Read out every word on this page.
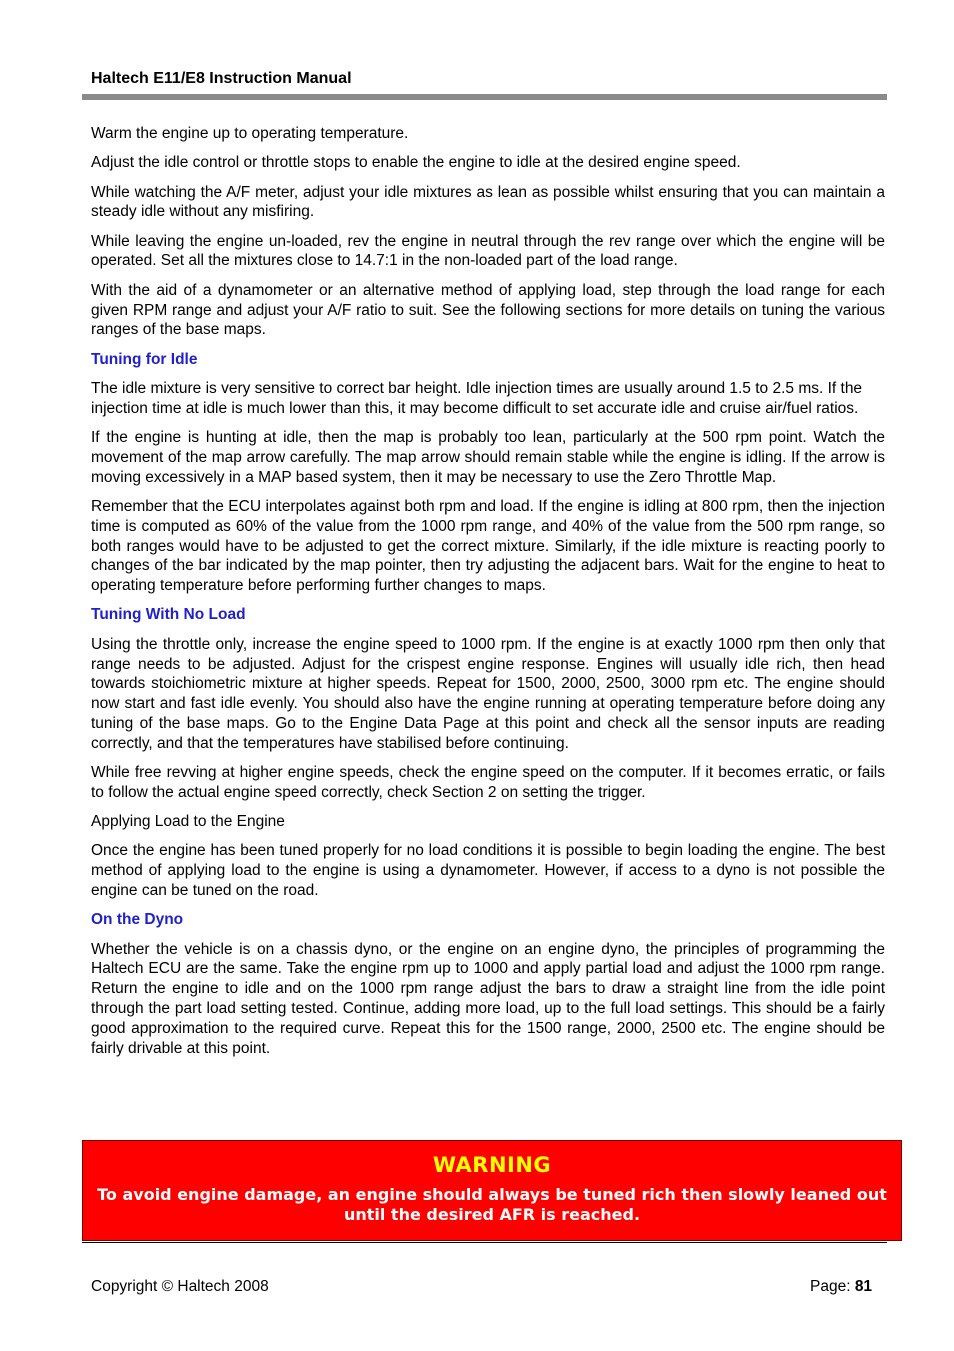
Haltech E11/E8 Instruction Manual

Warm the engine up to operating temperature.

Adjust the idle control or throttle stops to enable the engine to idle at the desired engine speed.

While watching the A/F meter, adjust your idle mixtures as lean as possible whilst ensuring that you can maintain a steady idle without any misfiring.

While leaving the engine un-loaded, rev the engine in neutral through the rev range over which the engine will be operated. Set all the mixtures close to 14.7:1 in the non-loaded part of the load range.

With the aid of a dynamometer or an alternative method of applying load, step through the load range for each given RPM range and adjust your A/F ratio to suit. See the following sections for more details on tuning the various ranges of the base maps.

Tuning for Idle

The idle mixture is very sensitive to correct bar height. Idle injection times are usually around 1.5 to 2.5 ms. If the injection time at idle is much lower than this, it may become difficult to set accurate idle and cruise air/fuel ratios.

If the engine is hunting at idle, then the map is probably too lean, particularly at the 500 rpm point. Watch the movement of the map arrow carefully. The map arrow should remain stable while the engine is idling. If the arrow is moving excessively in a MAP based system, then it may be necessary to use the Zero Throttle Map.

Remember that the ECU interpolates against both rpm and load. If the engine is idling at 800 rpm, then the injection time is computed as 60% of the value from the 1000 rpm range, and 40% of the value from the 500 rpm range, so both ranges would have to be adjusted to get the correct mixture. Similarly, if the idle mixture is reacting poorly to changes of the bar indicated by the map pointer, then try adjusting the adjacent bars. Wait for the engine to heat to operating temperature before performing further changes to maps.

Tuning With No Load

Using the throttle only, increase the engine speed to 1000 rpm. If the engine is at exactly 1000 rpm then only that range needs to be adjusted. Adjust for the crispest engine response. Engines will usually idle rich, then head towards stoichiometric mixture at higher speeds. Repeat for 1500, 2000, 2500, 3000 rpm etc. The engine should now start and fast idle evenly. You should also have the engine running at operating temperature before doing any tuning of the base maps. Go to the Engine Data Page at this point and check all the sensor inputs are reading correctly, and that the temperatures have stabilised before continuing.

While free revving at higher engine speeds, check the engine speed on the computer. If it becomes erratic, or fails to follow the actual engine speed correctly, check Section 2 on setting the trigger.

Applying Load to the Engine

Once the engine has been tuned properly for no load conditions it is possible to begin loading the engine. The best method of applying load to the engine is using a dynamometer. However, if access to a dyno is not possible the engine can be tuned on the road.

On the Dyno

Whether the vehicle is on a chassis dyno, or the engine on an engine dyno, the principles of programming the Haltech ECU are the same. Take the engine rpm up to 1000 and apply partial load and adjust the 1000 rpm range. Return the engine to idle and on the 1000 rpm range adjust the bars to draw a straight line from the idle point through the part load setting tested. Continue, adding more load, up to the full load settings. This should be a fairly good approximation to the required curve. Repeat this for the 1500 range, 2000, 2500 etc. The engine should be fairly drivable at this point.

WARNING
To avoid engine damage, an engine should always be tuned rich then slowly leaned out until the desired AFR is reached.
Copyright © Haltech 2008	Page: 81
